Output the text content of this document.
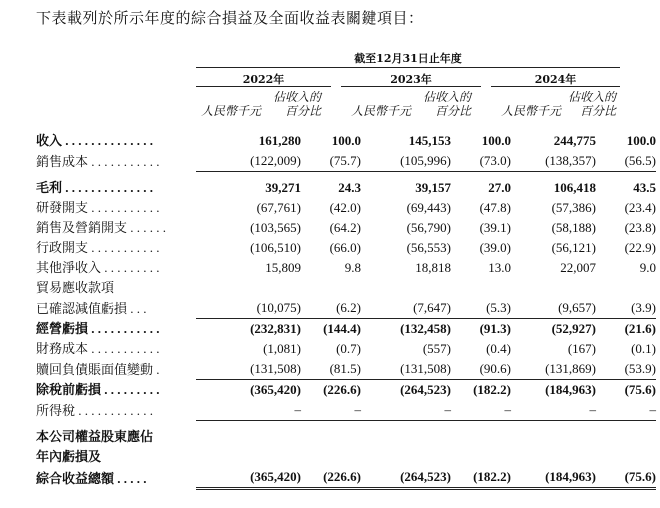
下表載列於所示年度的綜合損益及全面收益表關鍵項目：
截至12月31日止年度
2022年	2023年	2024年
人民幣千元	人民幣千元	人民幣千元
佔收入的
百分比
佔收入的
百分比
佔收入的
百分比
收入 . . . . . . . . . . . . . .	161,280	100.0	145,153	100.0	244,775	100.0
銷售成本 . . . . . . . . . . .	(122,009)	(75.7)	(105,996)	(73.0)	(138,357)	(56.5)
毛利 . . . . . . . . . . . . . .	39,271	24.3	39,157	27.0	106,418	43.5
研發開支 . . . . . . . . . . .	(67,761)	(42.0)	(69,443)	(47.8)	(57,386)	(23.4)
銷售及營銷開支 . . . . . .	(103,565)	(64.2)	(56,790)	(39.1)	(58,188)	(23.8)
行政開支 . . . . . . . . . . .	(106,510)	(66.0)	(56,553)	(39.0)	(56,121)	(22.9)
其他淨收入 . . . . . . . . .	15,809	9.8	18,818	13.0	22,007	9.0
貿易應收款項						
已確認減值虧損 . . .	(10,075)	(6.2)	(7,647)	(5.3)	(9,657)	(3.9)
經營虧損 . . . . . . . . . . .	(232,831)	(144.4)	(132,458)	(91.3)	(52,927)	(21.6)
財務成本 . . . . . . . . . . .	(1,081)	(0.7)	(557)	(0.4)	(167)	(0.1)
贖回負債賬面值變動 .	(131,508)	(81.5)	(131,508)	(90.6)	(131,869)	(53.9)
除稅前虧損 . . . . . . . . .	(365,420)	(226.6)	(264,523)	(182.2)	(184,963)	(75.6)
所得稅 . . . . . . . . . . . .	–	–	–	–	–	–
本公司權益股東應佔						
年內虧損及						
綜合收益總額 . . . . .	(365,420)	(226.6)	(264,523)	(182.2)	(184,963)	(75.6)
